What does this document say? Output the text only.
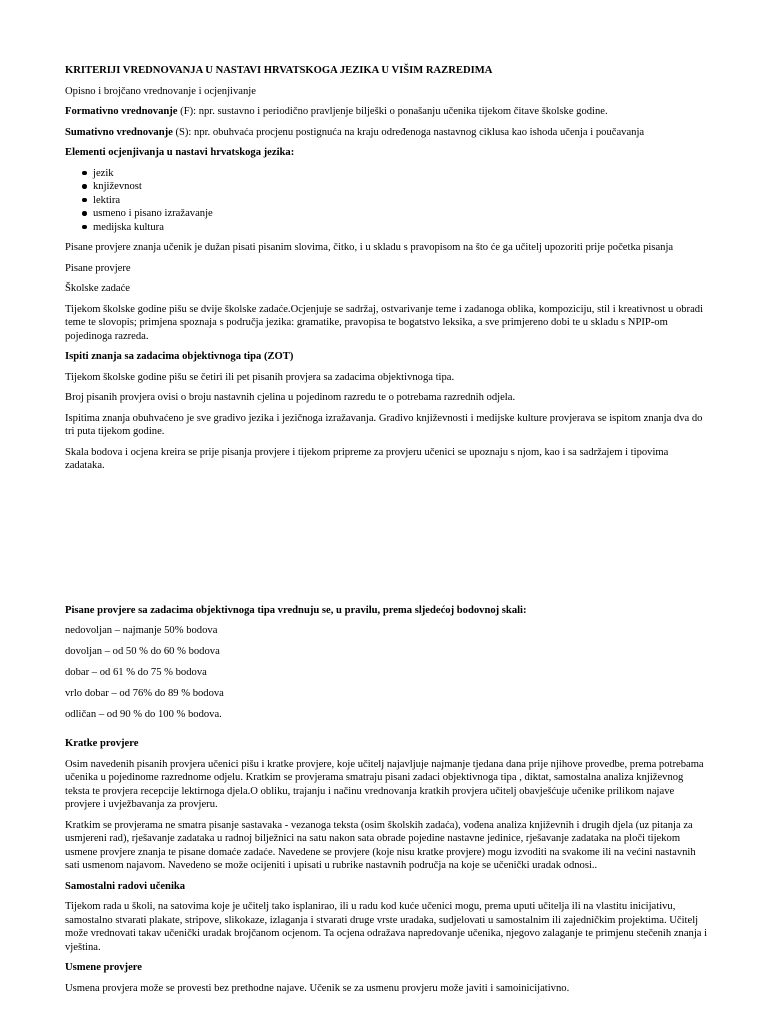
KRITERIJI VREDNOVANJA U NASTAVI HRVATSKOGA JEZIKA U VIŠIM RAZREDIMA

Opisno i brojčano vrednovanje i ocjenjivanje

Formativno vrednovanje (F): npr. sustavno i periodično pravljenje bilješki o ponašanju učenika tijekom čitave školske godine.

Sumativno vrednovanje (S): npr. obuhvaća procjenu postignuća na kraju određenoga nastavnog ciklusa kao ishoda učenja i poučavanja

Elementi ocjenjivanja u nastavi hrvatskoga jezika:

jezik
književnost
lektira
usmeno i pisano izražavanje
medijska kultura

Pisane provjere znanja učenik je dužan pisati pisanim slovima, čitko, i u skladu s pravopisom na što će ga učitelj upozoriti prije početka pisanja

Pisane provjere

Školske zadaće

Tijekom školske godine pišu se dvije školske zadaće.Ocjenjuje se sadržaj, ostvarivanje teme i zadanoga oblika, kompoziciju, stil i kreativnost u obradi teme te slovopis; primjena spoznaja s područja jezika: gramatike, pravopisa te bogatstvo leksika, a sve primjereno dobi te u skladu s NPIP-om pojedinoga razreda.

Ispiti znanja sa zadacima objektivnoga tipa (ZOT)

Tijekom školske godine pišu se četiri ili pet pisanih provjera sa zadacima objektivnoga tipa.

Broj pisanih provjera ovisi o broju nastavnih cjelina u pojedinom razredu te o potrebama razrednih odjela.

Ispitima znanja obuhvaćeno je sve gradivo jezika i jezičnoga izražavanja. Gradivo književnosti i medijske kulture provjerava se ispitom znanja dva do tri puta tijekom godine.

Skala bodova i ocjena kreira se prije pisanja provjere i tijekom pripreme za provjeru učenici se upoznaju s njom, kao i sa sadržajem i tipovima zadataka.

Pisane provjere sa zadacima objektivnoga tipa vrednuju se, u pravilu, prema sljedećoj bodovnoj skali:

nedovoljan – najmanje 50% bodova

dovoljan – od 50 % do 60 % bodova

dobar – od 61 % do 75 % bodova

vrlo dobar – od 76% do 89 % bodova

odličan – od 90 % do 100 % bodova.

Kratke provjere

Osim navedenih pisanih provjera učenici pišu i kratke provjere, koje učitelj najavljuje najmanje tjedana dana prije njihove provedbe, prema potrebama učenika u pojedinome razrednome odjelu. Kratkim se provjerama smatraju pisani zadaci objektivnoga tipa , diktat, samostalna analiza književnog teksta te provjera recepcije lektirnoga djela.O obliku, trajanju i načinu vrednovanja kratkih provjera učitelj obavješćuje učenike prilikom najave provjere i uvježbavanja za provjeru.

Kratkim se provjerama ne smatra pisanje sastavaka - vezanoga teksta (osim školskih zadaća), vođena analiza književnih i drugih djela (uz pitanja za usmjereni rad), rješavanje zadataka u radnoj bilježnici na satu nakon sata obrade pojedine nastavne jedinice, rješavanje zadataka na ploči tijekom usmene provjere znanja te pisane domaće zadaće. Navedene se provjere (koje nisu kratke provjere) mogu izvoditi na svakome ili na većini nastavnih sati usmenom najavom. Navedeno se može ocijeniti i upisati u rubrike nastavnih područja na koje se učenički uradak odnosi..

Samostalni radovi učenika

Tijekom rada u školi, na satovima koje je učitelj tako isplanirao, ili u radu kod kuće učenici mogu, prema uputi učitelja ili na vlastitu inicijativu, samostalno stvarati plakate, stripove, slikokaze, izlaganja i stvarati druge vrste uradaka, sudjelovati u samostalnim ili zajedničkim projektima. Učitelj može vrednovati takav učenički uradak brojčanom ocjenom. Ta ocjena odražava napredovanje učenika, njegovo zalaganje te primjenu stečenih znanja i vještina.

Usmene provjere

Usmena provjera može se provesti bez prethodne najave. Učenik se za usmenu provjeru može javiti i samoinicijativno.
